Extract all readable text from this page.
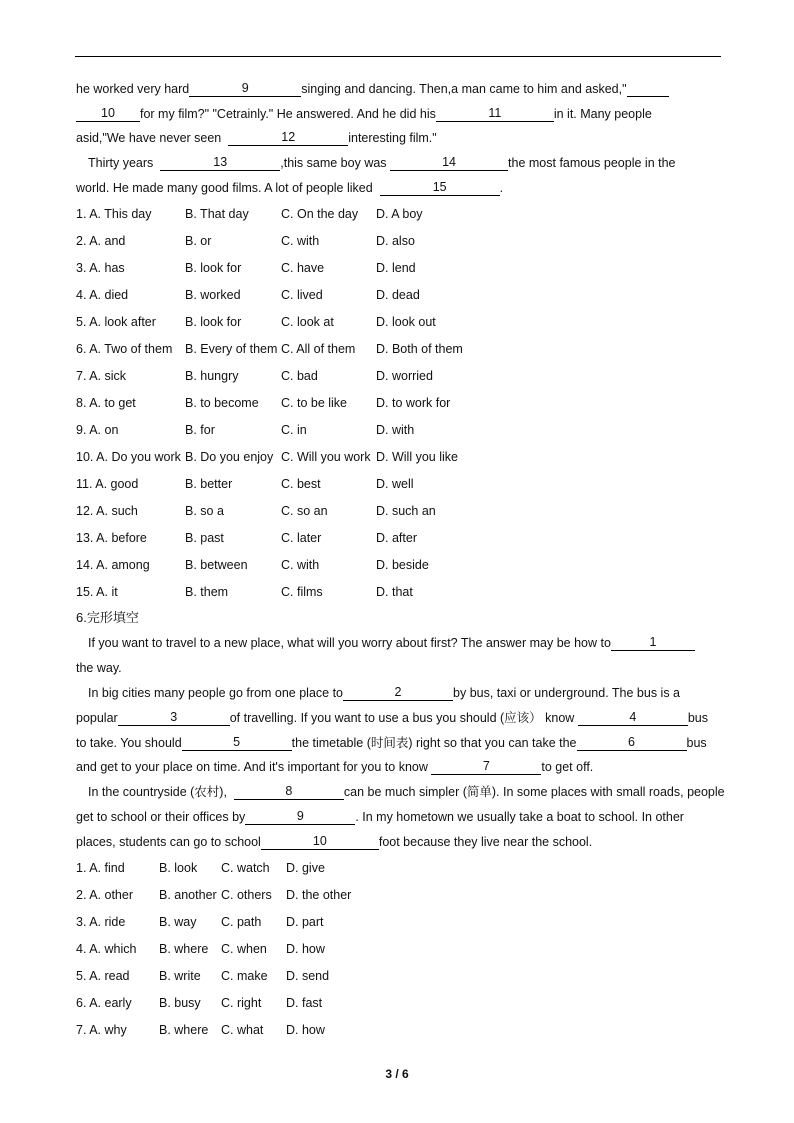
he worked very hard	9	singing and dancing. Then,a man came to him and asked,"
10 for my film?" "Cetrainly." He answered. And he did his	11	in it. Many people
asid,"We have never seen	12	interesting film."
Thirty years	13	,this same boy was	14	the most famous people in the
world. He made many good films. A lot of people liked	15	.
1. A. This day	B. That day	C. On the day D. A boy
2. A. and	B. or	C. with	D. also
3. A. has	B. look for	C. have	D. lend
4. A. died	B. worked	C. lived	D. dead
5. A. look after B. look for	C. look at	D. look out
6. A. Two of them B. Every of them C. All of them D. Both of them
7. A. sick	B. hungry	C. bad	D. worried
8. A. to get	B. to become C. to be like D. to work for
9. A. on	B. for	C. in	D. with
10. A. Do you work B. Do you enjoy C. Will you work D. Will you like
11. A. good	B. better	C. best	D. well
12. A. such	B. so a	C. so an	D. such an
13. A. before	B. past	C. later	D. after
14. A. among	B. between	C. with	D. beside
15. A. it	B. them	C. films	D. that
6.完形填空
If you want to travel to a new place, what will you worry about first? The answer may be how to	1
the way.
In big cities many people go from one place to	2	by bus, taxi or underground. The bus is a
popular	3	of travelling. If you want to use a bus you should (应该） know	4	bus
to take. You should	5	the timetable (时间表) right so that you can take the	6	bus
and get to your place on time. And it's important for you to know	7	to get off.
In the countryside (农村),	8	can be much simpler (简单). In some places with small roads, people
get to school or their offices by	9	. In my hometown we usually take a boat to school. In other
places, students can go to school	10	foot because they live near the school.
1. A. find	B. look C. watch D. give
2. A. other B. another C. others D. the other
3. A. ride	B. way C. path D. part
4. A. which B. where C. when D. how
5. A. read B. write C. make D. send
6. A. early B. busy C. right D. fast
7. A. why	B. where C. what D. how
3 / 6
